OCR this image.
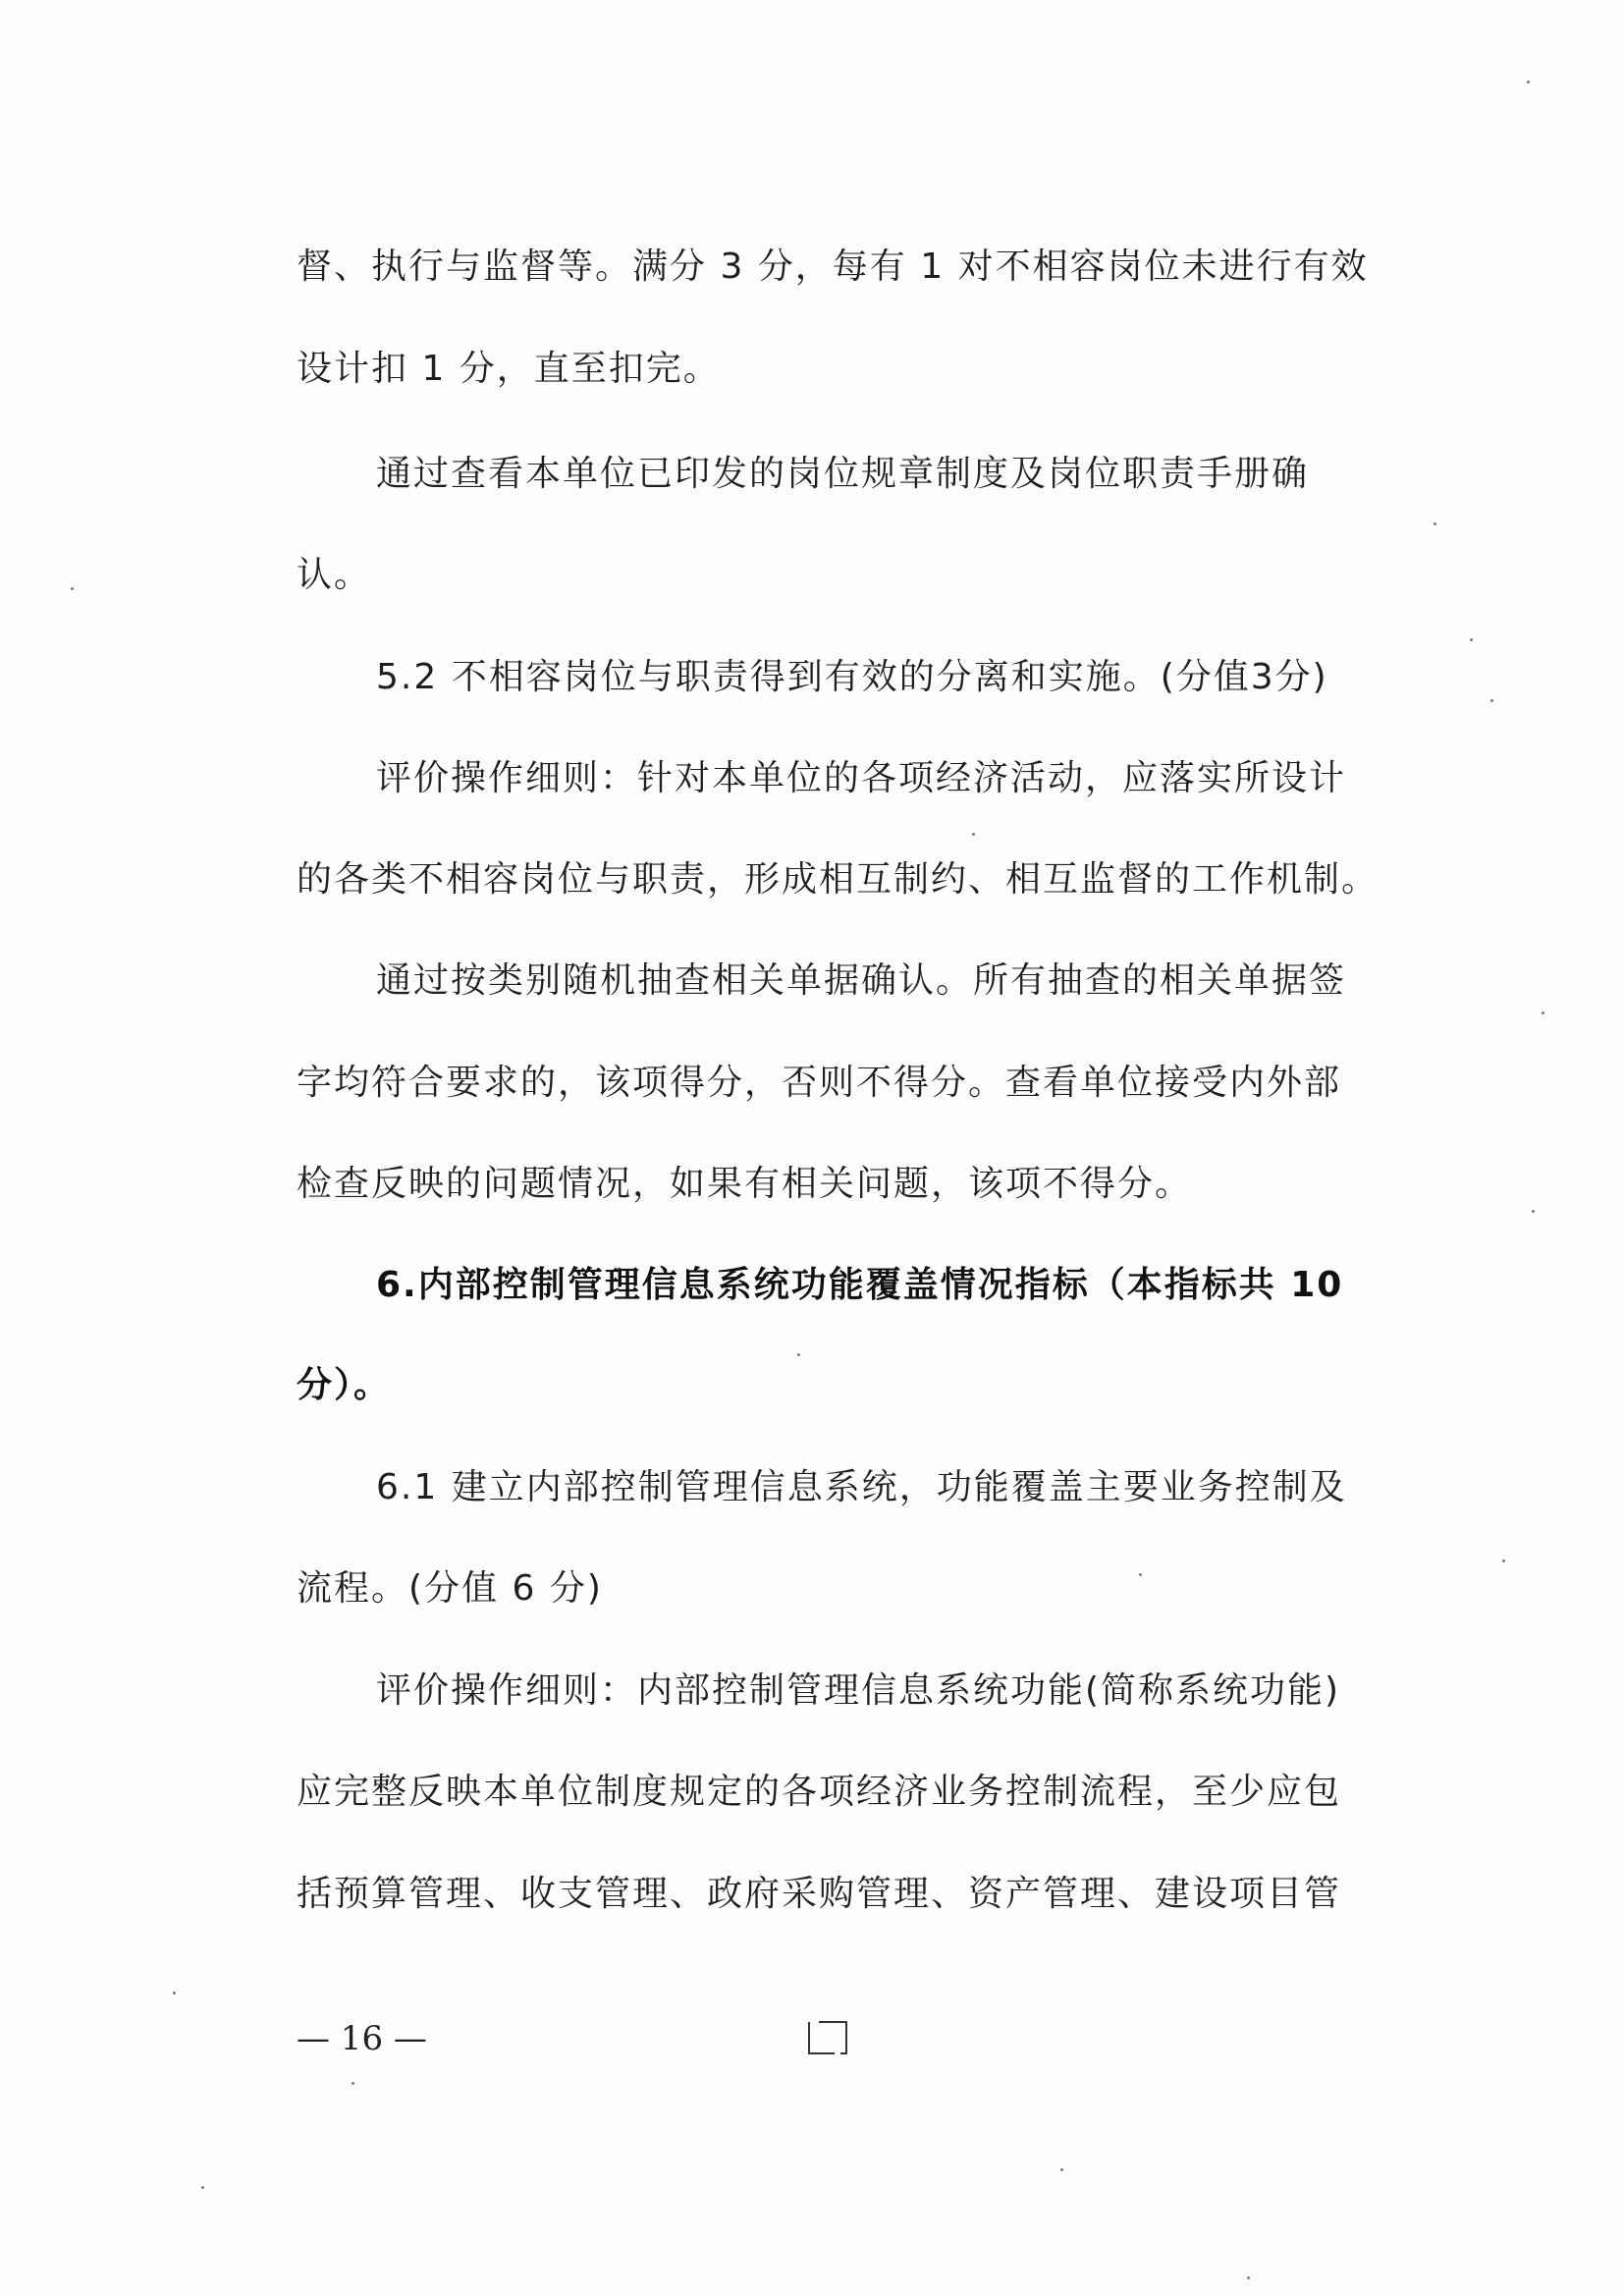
督、执行与监督等。满分 3 分，每有 1 对不相容岗位未进行有效
设计扣 1 分，直至扣完。
通过查看本单位已印发的岗位规章制度及岗位职责手册确
认。
5.2 不相容岗位与职责得到有效的分离和实施。(分值3分)
评价操作细则：针对本单位的各项经济活动，应落实所设计
的各类不相容岗位与职责，形成相互制约、相互监督的工作机制。
通过按类别随机抽查相关单据确认。所有抽查的相关单据签
字均符合要求的，该项得分，否则不得分。查看单位接受内外部
检查反映的问题情况，如果有相关问题，该项不得分。
6.内部控制管理信息系统功能覆盖情况指标（本指标共 10
分）。
6.1 建立内部控制管理信息系统，功能覆盖主要业务控制及
流程。(分值 6 分)
评价操作细则：内部控制管理信息系统功能(简称系统功能)
应完整反映本单位制度规定的各项经济业务控制流程，至少应包
括预算管理、收支管理、政府采购管理、资产管理、建设项目管
— 16 —
